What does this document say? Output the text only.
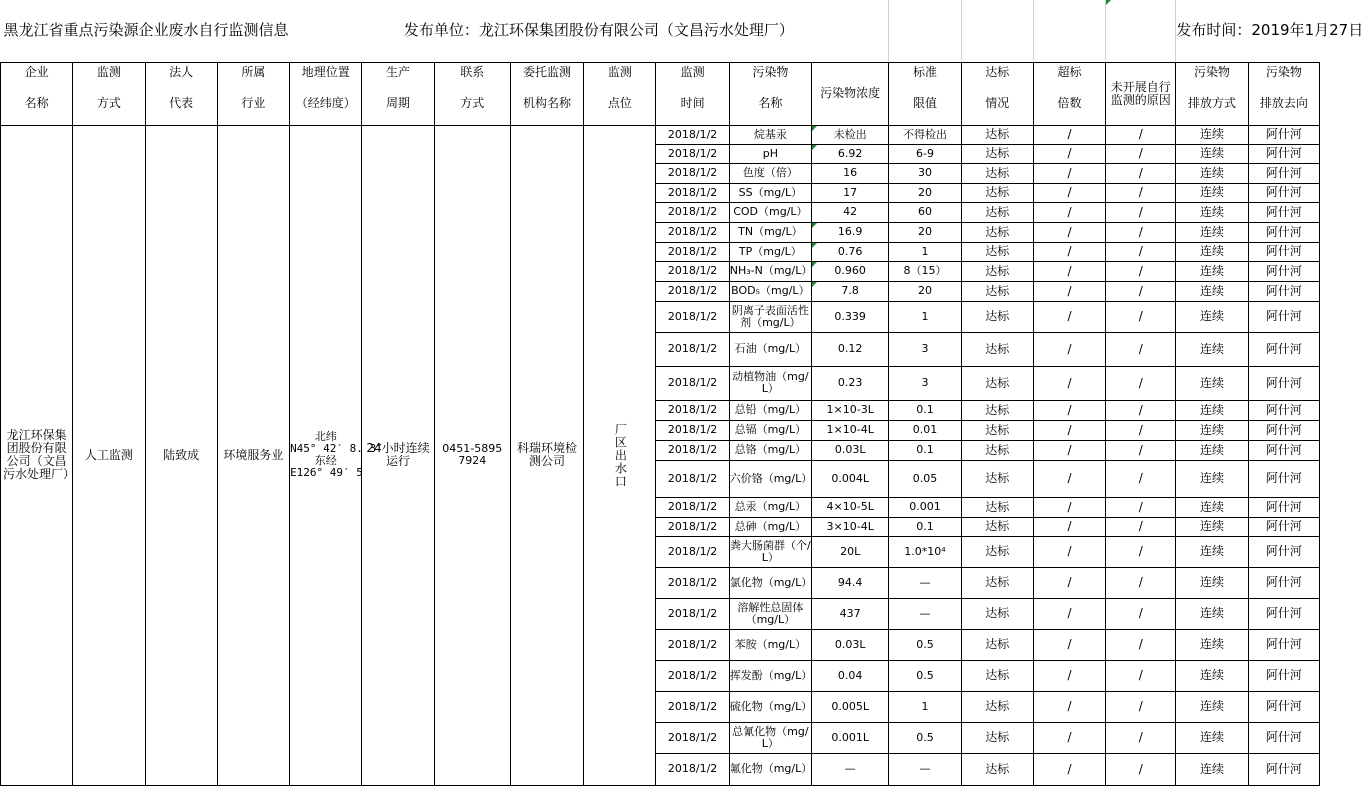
黑龙江省重点污染源企业废水自行监测信息					发布单位：龙江环保集团股份有限公司（文昌污水处理厂）											发布时间：2019年1月27日	
企业	监测	法人	所属	地理位置	生产	联系	委托监测	监测	监测	污染物	污染物浓度	标准	达标	超标	未开展自行监测的原因	污染物	污染物
名称	方式	代表	行业	（经纬度）	周期	方式	机构名称	点位	时间	名称		限值	情况	倍数		排放方式	排放去向
龙江环保集团股份有限公司（文昌污水处理厂）	人工监测	陆致成	环境服务业	北纬
N45° 42′ 8. 3″
东经
E126° 49′ 5	24小时连续运行	0451-58957924	科瑞环境检测公司	厂区出水口	2018/1/2	烷基汞	未检出	不得检出	达标	/	/	连续	阿什河
									2018/1/2	pH	6.92	6-9	达标	/	/	连续	阿什河
									2018/1/2	色度（倍）	16	30	达标	/	/	连续	阿什河
									2018/1/2	SS（mg/L）	17	20	达标	/	/	连续	阿什河
									2018/1/2	COD（mg/L）	42	60	达标	/	/	连续	阿什河
									2018/1/2	TN（mg/L）	16.9	20	达标	/	/	连续	阿什河
									2018/1/2	TP（mg/L）	0.76	1	达标	/	/	连续	阿什河
									2018/1/2	NH₃-N（mg/L）	0.960	8（15）	达标	/	/	连续	阿什河
									2018/1/2	BOD₅（mg/L）	7.8	20	达标	/	/	连续	阿什河
									2018/1/2	阴离子表面活性剂（mg/L）	0.339	1	达标	/	/	连续	阿什河
									2018/1/2	石油（mg/L）	0.12	3	达标	/	/	连续	阿什河
									2018/1/2	动植物油（mg/L）	0.23	3	达标	/	/	连续	阿什河
									2018/1/2	总铅（mg/L）	1×10-3L	0.1	达标	/	/	连续	阿什河
									2018/1/2	总镉（mg/L）	1×10-4L	0.01	达标	/	/	连续	阿什河
									2018/1/2	总铬（mg/L）	0.03L	0.1	达标	/	/	连续	阿什河
									2018/1/2	六价铬（mg/L）	0.004L	0.05	达标	/	/	连续	阿什河
									2018/1/2	总汞（mg/L）	4×10-5L	0.001	达标	/	/	连续	阿什河
									2018/1/2	总砷（mg/L）	3×10-4L	0.1	达标	/	/	连续	阿什河
									2018/1/2	粪大肠菌群（个/L）	20L	1.0*10⁴	达标	/	/	连续	阿什河
									2018/1/2	氯化物（mg/L）	94.4	—	达标	/	/	连续	阿什河
									2018/1/2	溶解性总固体（mg/L）	437	—	达标	/	/	连续	阿什河
									2018/1/2	苯胺（mg/L）	0.03L	0.5	达标	/	/	连续	阿什河
									2018/1/2	挥发酚（mg/L）	0.04	0.5	达标	/	/	连续	阿什河
									2018/1/2	硫化物（mg/L）	0.005L	1	达标	/	/	连续	阿什河
									2018/1/2	总氰化物（mg/L）	0.001L	0.5	达标	/	/	连续	阿什河
									2018/1/2	氟化物（mg/L）	—	—	达标	/	/	连续	阿什河
